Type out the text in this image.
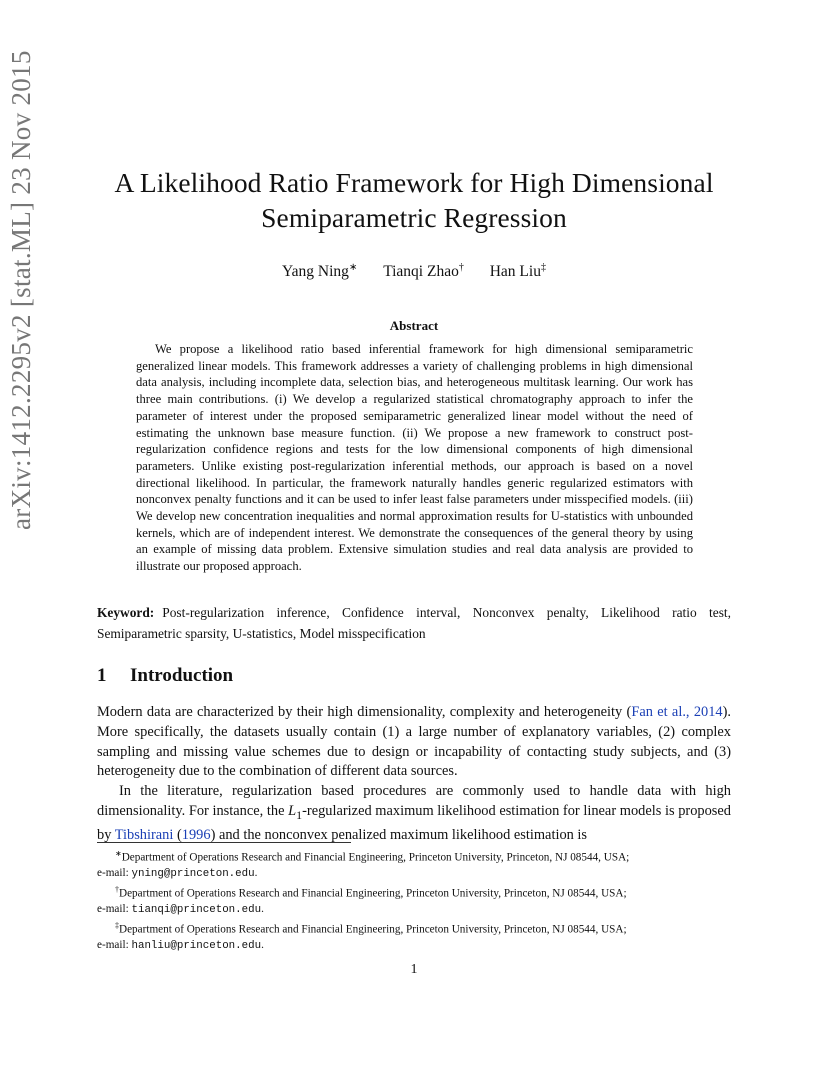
arXiv:1412.2295v2 [stat.ML] 23 Nov 2015	A Likelihood Ratio Framework for High Dimensional
Semiparametric Regression
Yang Ning∗ Tianqi Zhao† Han Liu‡
Abstract
We propose a likelihood ratio based inferential framework for high dimensional semiparametric generalized linear models. This framework addresses a variety of challenging problems in high dimensional data analysis, including incomplete data, selection bias, and heterogeneous multitask learning. Our work has three main contributions. (i) We develop a regularized statistical chromatography approach to infer the parameter of interest under the proposed semiparametric generalized linear model without the need of estimating the unknown base measure function. (ii) We propose a new framework to construct post-regularization confidence regions and tests for the low dimensional components of high dimensional parameters. Unlike existing post-regularization inferential methods, our approach is based on a novel directional likelihood. In particular, the framework naturally handles generic regularized estimators with nonconvex penalty functions and it can be used to infer least false parameters under misspecified models. (iii) We develop new concentration inequalities and normal approximation results for U-statistics with unbounded kernels, which are of independent interest. We demonstrate the consequences of the general theory by using an example of missing data problem. Extensive simulation studies and real data analysis are provided to illustrate our proposed approach.
Keyword: Post-regularization inference, Confidence interval, Nonconvex penalty, Likelihood ratio test, Semiparametric sparsity, U-statistics, Model misspecification
1 Introduction

Modern data are characterized by their high dimensionality, complexity and heterogeneity (Fan et al., 2014). More specifically, the datasets usually contain (1) a large number of explanatory variables, (2) complex sampling and missing value schemes due to design or incapability of contacting study subjects, and (3) heterogeneity due to the combination of different data sources.

In the literature, regularization based procedures are commonly used to handle data with high dimensionality. For instance, the $L_1$-regularized maximum likelihood estimation for linear models is proposed by Tibshirani (1996) and the nonconvex penalized maximum likelihood estimation is

∗Department of Operations Research and Financial Engineering, Princeton University, Princeton, NJ 08544, USA;
e-mail: yning@princeton.edu.
†Department of Operations Research and Financial Engineering, Princeton University, Princeton, NJ 08544, USA;
e-mail: tianqi@princeton.edu.
‡Department of Operations Research and Financial Engineering, Princeton University, Princeton, NJ 08544, USA;
e-mail: hanliu@princeton.edu.
1
